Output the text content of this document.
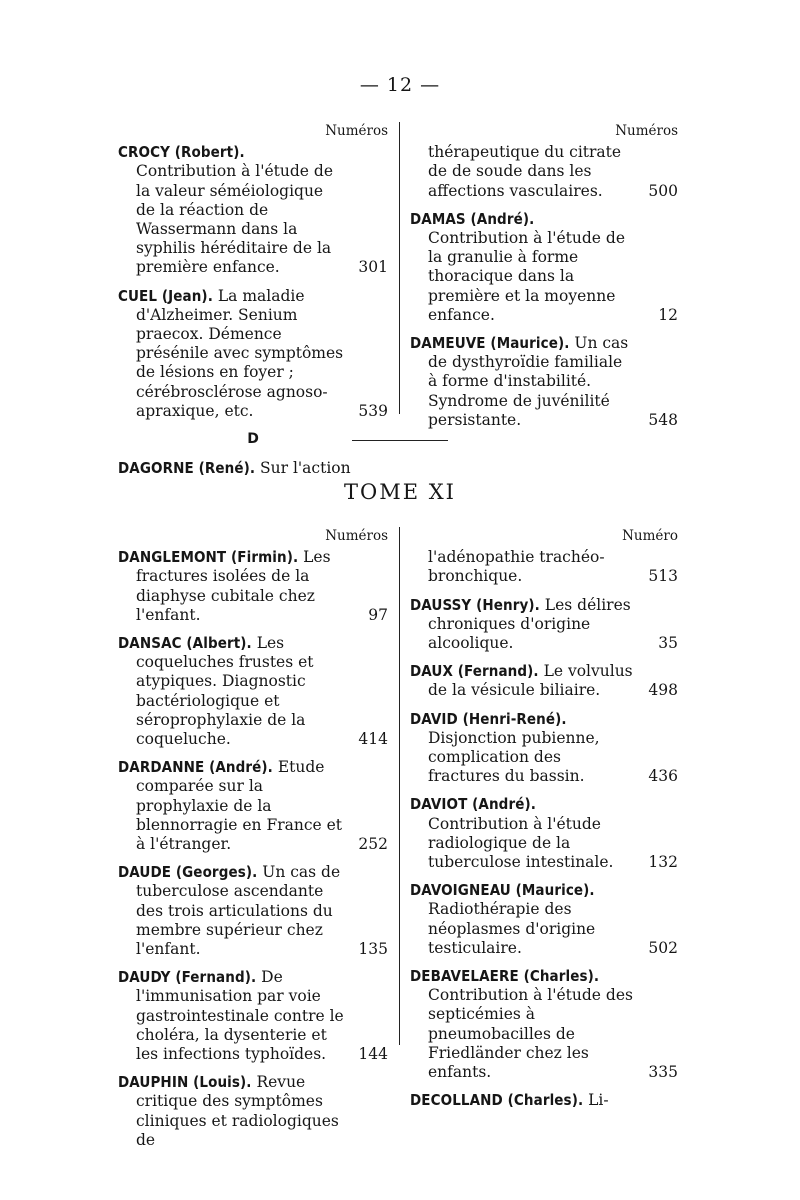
— 12 —
Numéros
CROCY (Robert). Contribution à l'étude de la valeur séméiologique de la réaction de Wassermann dans la syphilis héréditaire de la première enfance.	301
CUEL (Jean). La maladie d'Alzheimer. Senium praecox. Démence présénile avec symptômes de lésions en foyer ; cérébrosclérose agnoso-apraxique, etc.	539
D
DAGORNE (René). Sur l'action
Numéros
thérapeutique du citrate de de soude dans les affections vasculaires.	500
DAMAS (André). Contribution à l'étude de la granulie à forme thoracique dans la première et la moyenne enfance.	12
DAMEUVE (Maurice). Un cas de dysthyroïdie familiale à forme d'instabilité. Syndrome de juvénilité persistante.	548
TOME XI
Numéros
DANGLEMONT (Firmin). Les fractures isolées de la diaphyse cubitale chez l'enfant.	97
DANSAC (Albert). Les coqueluches frustes et atypiques. Diagnostic bactériologique et séroprophylaxie de la coqueluche.	414
DARDANNE (André). Etude comparée sur la prophylaxie de la blennorragie en France et à l'étranger.	252
DAUDE (Georges). Un cas de tuberculose ascendante des trois articulations du membre supérieur chez l'enfant.	135
DAUDY (Fernand). De l'immunisation par voie gastrointestinale contre le choléra, la dysenterie et les infections typhoïdes. 144
DAUPHIN (Louis). Revue critique des symptômes cliniques et radiologiques de
Numéro
l'adénopathie trachéo-bronchique.	513
DAUSSY (Henry). Les délires chroniques d'origine alcoolique.	35
DAUX (Fernand). Le volvulus de la vésicule biliaire.	498
DAVID (Henri-René). Disjonction pubienne, complication des fractures du bassin.	436
DAVIOT (André). Contribution à l'étude radiologique de la tuberculose intestinale. 132
DAVOIGNEAU (Maurice). Radiothérapie des néoplasmes d'origine testiculaire.	502
DEBAVELAERE (Charles). Contribution à l'étude des septicémies à pneumobacilles de Friedländer chez les enfants.	335
DECOLLAND (Charles). Li-
